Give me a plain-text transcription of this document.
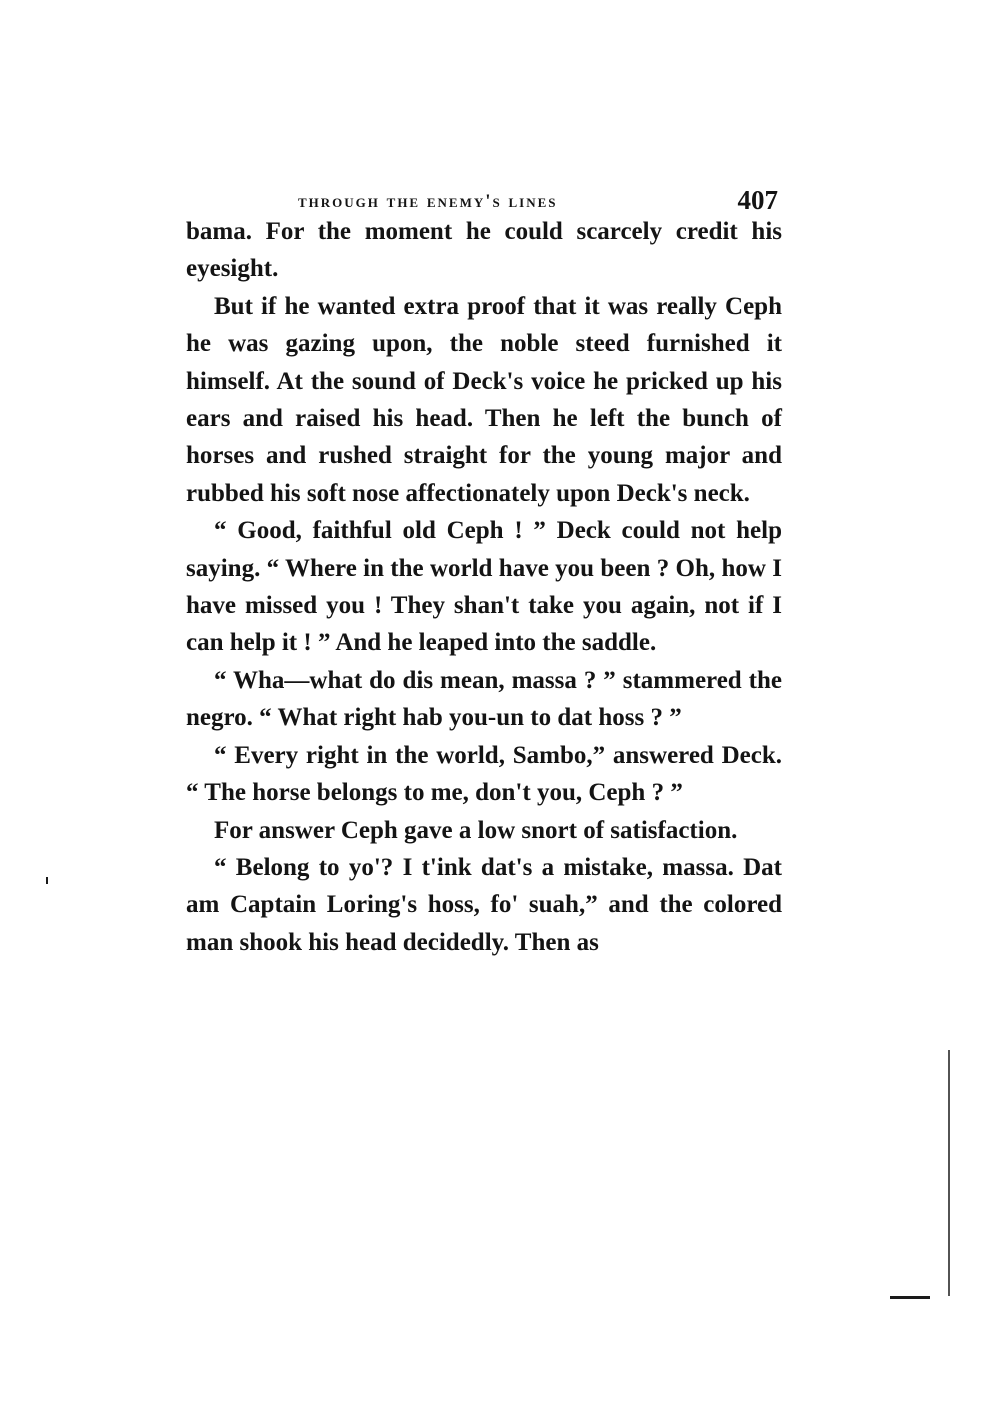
through the enemy's lines	407

bama. For the moment he could scarcely credit his eyesight.

But if he wanted extra proof that it was really Ceph he was gazing upon, the noble steed furnished it himself. At the sound of Deck's voice he pricked up his ears and raised his head. Then he left the bunch of horses and rushed straight for the young major and rubbed his soft nose affectionately upon Deck's neck.

“ Good, faithful old Ceph ! ” Deck could not help saying. “ Where in the world have you been ? Oh, how I have missed you ! They shan't take you again, not if I can help it ! ” And he leaped into the saddle.

“ Wha—what do dis mean, massa ? ” stammered the negro. “ What right hab you-un to dat hoss ? ”

“ Every right in the world, Sambo,” answered Deck. “ The horse belongs to me, don't you, Ceph ? ”

For answer Ceph gave a low snort of satisfaction.

“ Belong to yo'? I t'ink dat's a mistake, massa. Dat am Captain Loring's hoss, fo' suah,” and the colored man shook his head decidedly. Then as
